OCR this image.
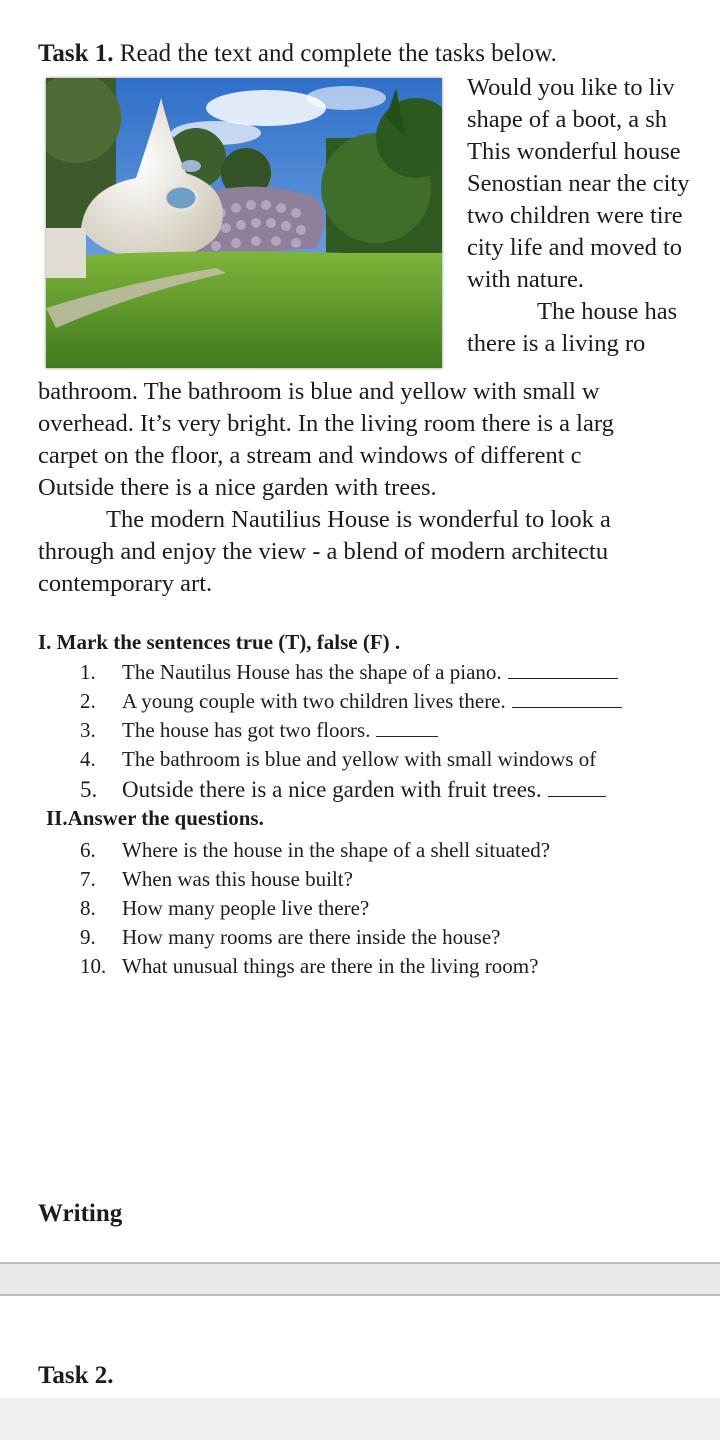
Task 1. Read the text and complete the tasks below.
Would you like to liv
shape of a boot, a sh
This wonderful house
Senostian near the city
two children were tire
city life and moved to
with nature.
The house has
there is a living ro
bathroom. The bathroom is blue and yellow with small w
overhead. It’s very bright. In the living room there is a larg
carpet on the floor, a stream and windows of different c
Outside there is a nice garden with trees.
The modern Nautilius House is wonderful to look a
through and enjoy the view - a blend of modern architectu
contemporary art.
I. Mark the sentences true (T), false (F) .
1. The Nautilus House has the shape of a piano.
2. A young couple with two children lives there.
3. The house has got two floors.
4. The bathroom is blue and yellow with small windows of
5. Outside there is a nice garden with fruit trees.
II.Answer the questions.
6. Where is the house in the shape of a shell situated?
7. When was this house built?
8. How many people live there?
9. How many rooms are there inside the house?
10. What unusual things are there in the living room?
Writing
Task 2.
